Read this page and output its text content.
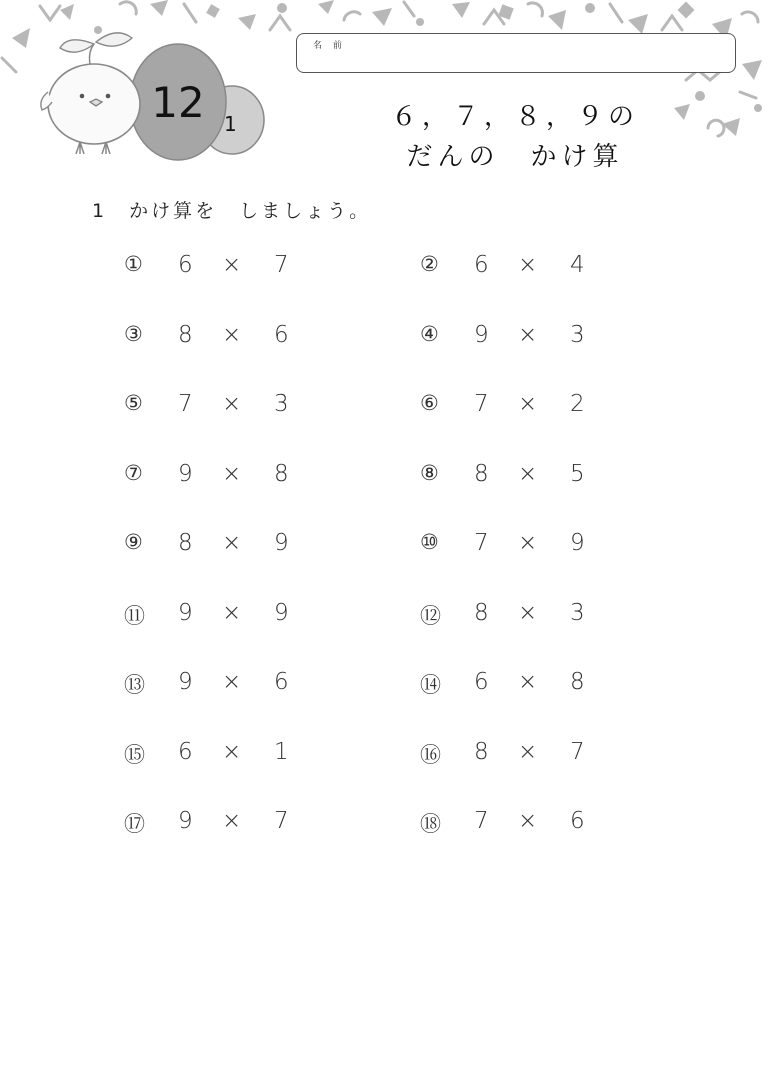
12 1
名 前
６，７，８，９の
だんの　かけ算
1　かけ算を　しましょう。
① 6 × 7	② 6 × 4
③ 8 × 6	④ 9 × 3
⑤ 7 × 3	⑥ 7 × 2
⑦ 9 × 8	⑧ 8 × 5
⑨ 8 × 9	⑩ 7 × 9
⑪ 9 × 9	⑫ 8 × 3
⑬ 9 × 6	⑭ 6 × 8
⑮ 6 × 1	⑯ 8 × 7
⑰ 9 × 7	⑱ 7 × 6
